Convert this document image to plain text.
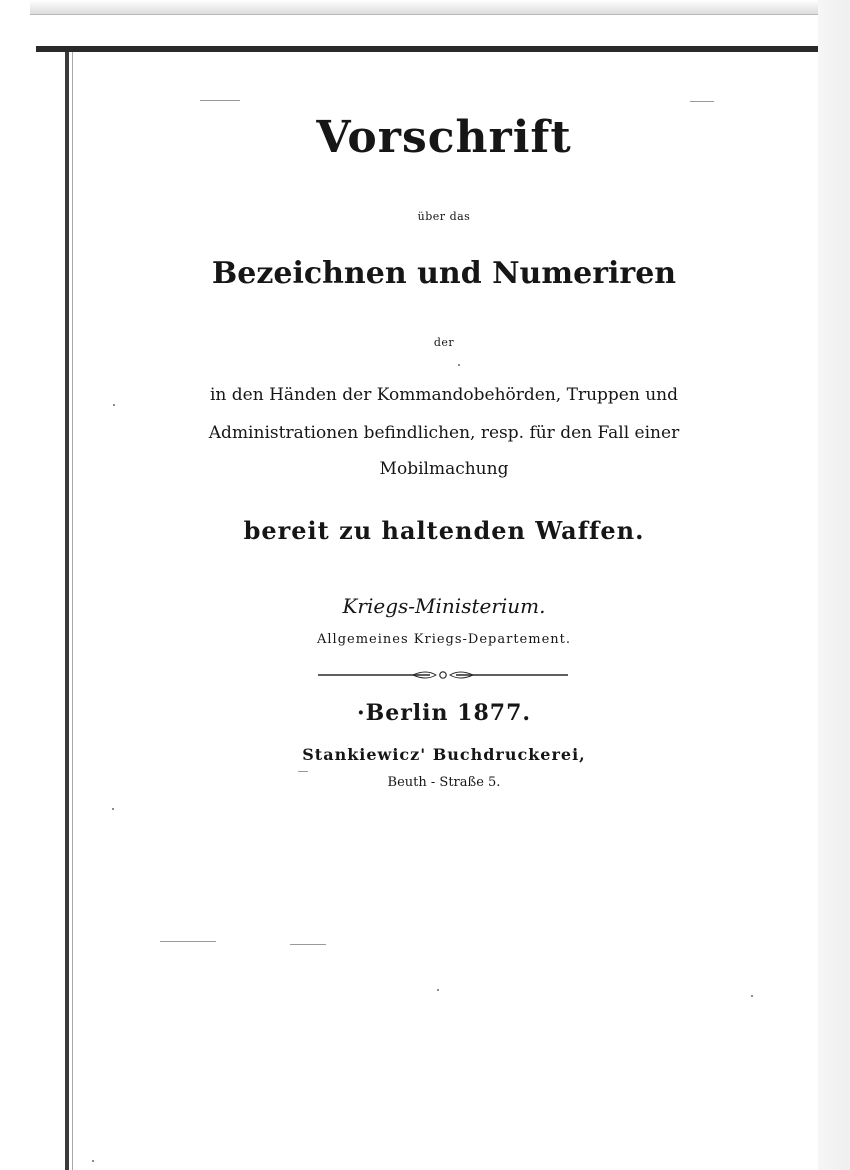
Vorschrift
über das
Bezeichnen und Numeriren
der
in den Händen der Kommandobehörden, Truppen und
Administrationen befindlichen, resp. für den Fall einer
Mobilmachung
bereit zu haltenden Waffen.
Kriegs-Ministerium.
Allgemeines Kriegs-Departement.
·Berlin 1877.
Stankiewicz' Buchdruckerei,
Beuth - Straße 5.
